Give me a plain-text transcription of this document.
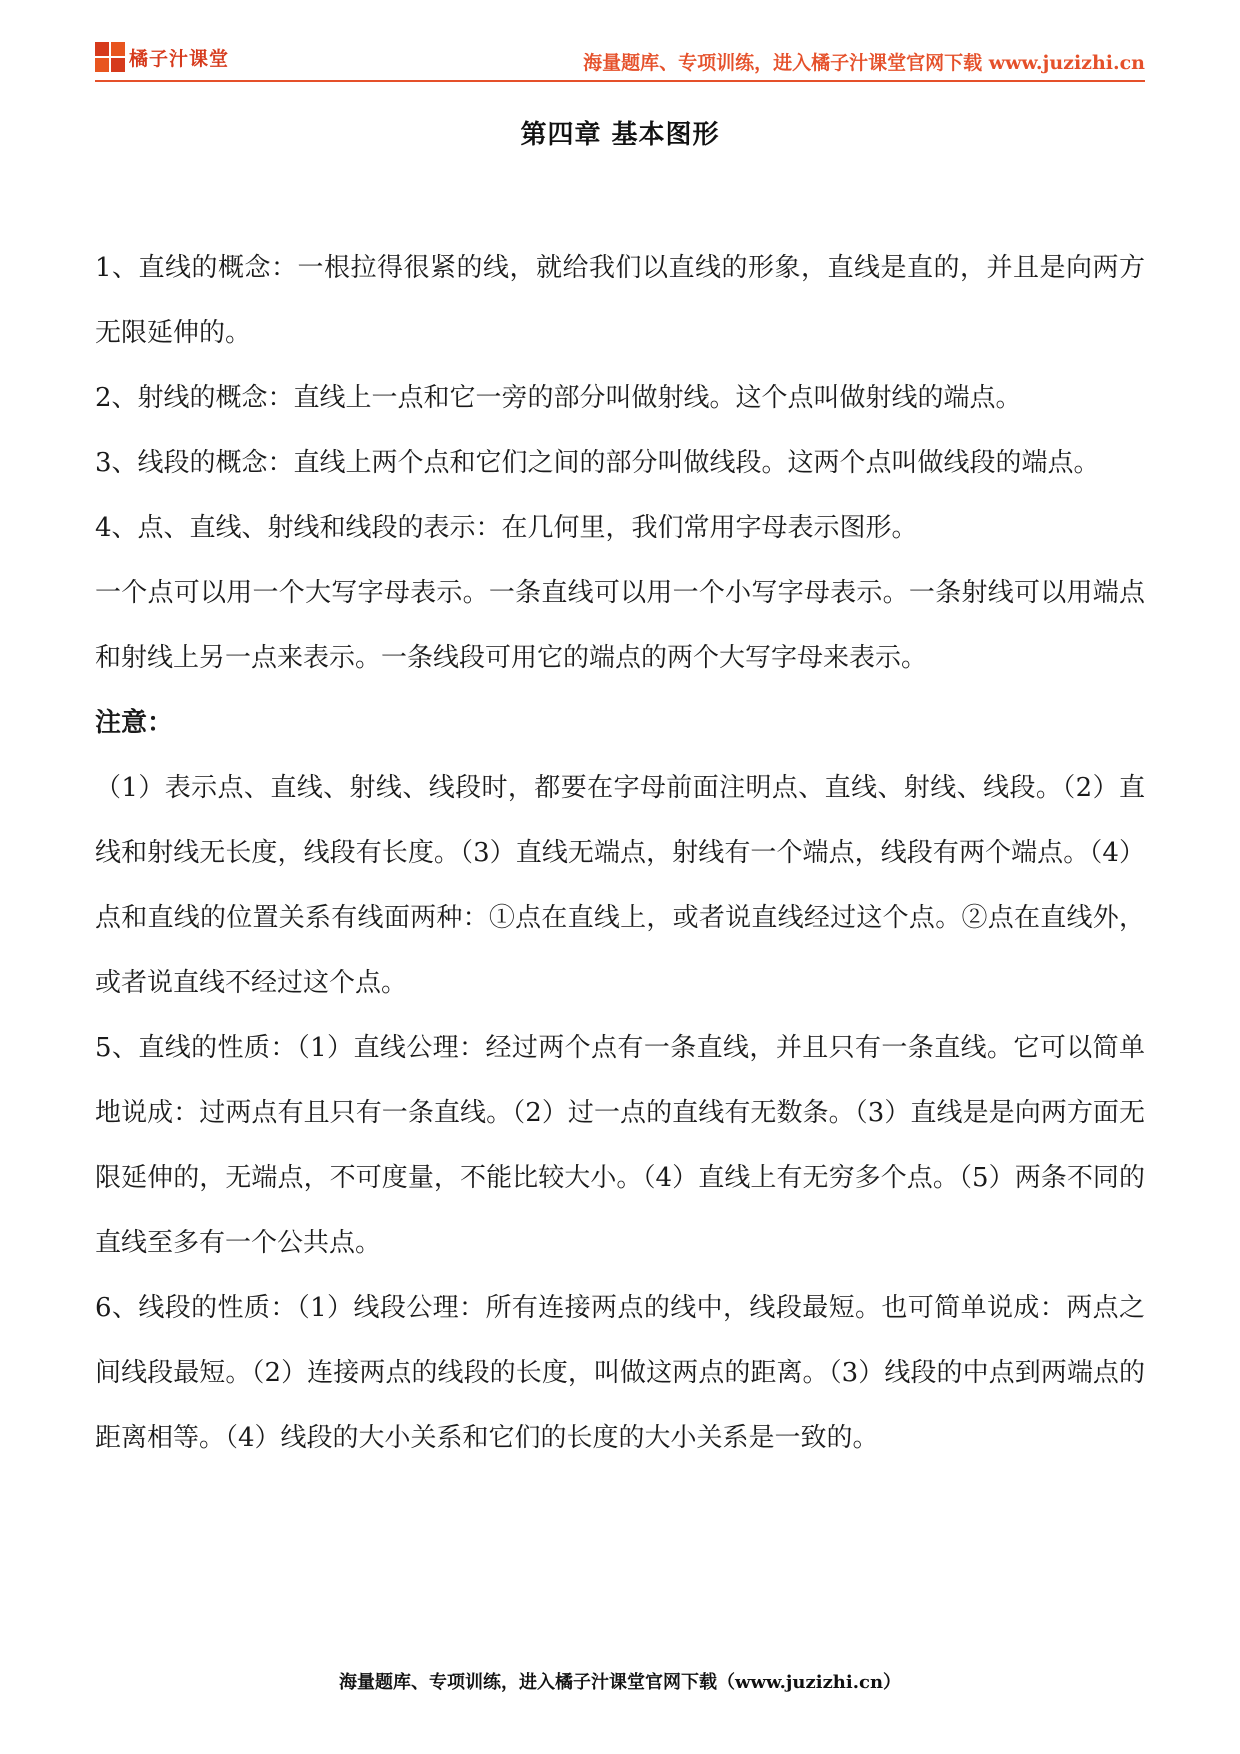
橘子汁课堂	海量题库、专项训练，进入橘子汁课堂官网下载 www.juzizhi.cn
第四章 基本图形

1、直线的概念：一根拉得很紧的线，就给我们以直线的形象，直线是直的，并且是向两方无限延伸的。

2、射线的概念：直线上一点和它一旁的部分叫做射线。这个点叫做射线的端点。

3、线段的概念：直线上两个点和它们之间的部分叫做线段。这两个点叫做线段的端点。

4、点、直线、射线和线段的表示：在几何里，我们常用字母表示图形。

一个点可以用一个大写字母表示。一条直线可以用一个小写字母表示。一条射线可以用端点和射线上另一点来表示。一条线段可用它的端点的两个大写字母来表示。

注意：

（1）表示点、直线、射线、线段时，都要在字母前面注明点、直线、射线、线段。（2）直线和射线无长度，线段有长度。（3）直线无端点，射线有一个端点，线段有两个端点。（4）点和直线的位置关系有线面两种：①点在直线上，或者说直线经过这个点。②点在直线外，或者说直线不经过这个点。

5、直线的性质：（1）直线公理：经过两个点有一条直线，并且只有一条直线。它可以简单地说成：过两点有且只有一条直线。（2）过一点的直线有无数条。（3）直线是是向两方面无限延伸的，无端点，不可度量，不能比较大小。（4）直线上有无穷多个点。（5）两条不同的直线至多有一个公共点。

6、线段的性质：（1）线段公理：所有连接两点的线中，线段最短。也可简单说成：两点之间线段最短。（2）连接两点的线段的长度，叫做这两点的距离。（3）线段的中点到两端点的距离相等。（4）线段的大小关系和它们的长度的大小关系是一致的。

海量题库、专项训练，进入橘子汁课堂官网下载（www.juzizhi.cn）
